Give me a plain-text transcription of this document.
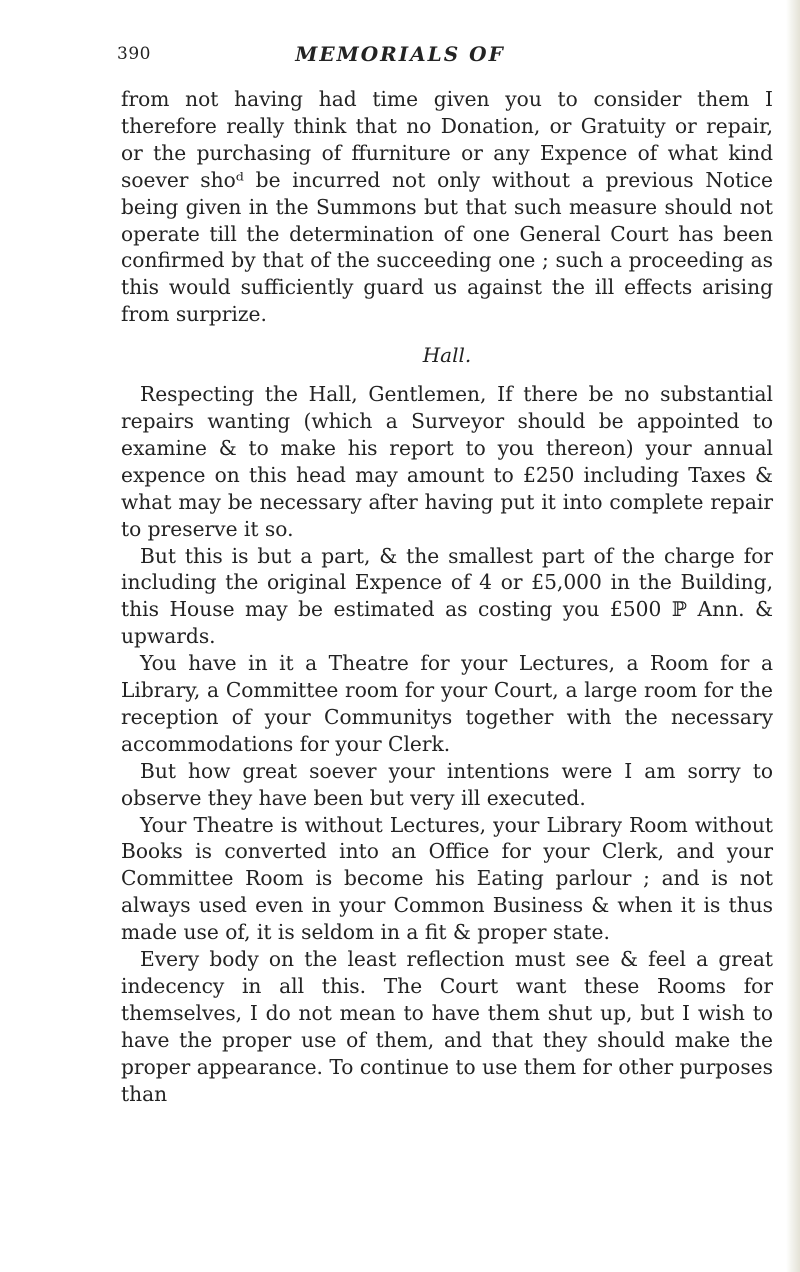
390	MEMORIALS OF

from not having had time given you to consider them I therefore really think that no Donation, or Gratuity or repair, or the purchasing of ffurniture or any Expence of what kind soever shoᵈ be incurred not only without a previous Notice being given in the Summons but that such measure should not operate till the determination of one General Court has been confirmed by that of the succeeding one ; such a proceeding as this would sufficiently guard us against the ill effects arising from surprize.

Hall.

Respecting the Hall, Gentlemen, If there be no substantial repairs wanting (which a Surveyor should be appointed to examine & to make his report to you thereon) your annual expence on this head may amount to £250 including Taxes & what may be necessary after having put it into complete repair to preserve it so.

But this is but a part, & the smallest part of the charge for including the original Expence of 4 or £5,000 in the Building, this House may be estimated as costing you £500 ℙ Ann. & upwards.

You have in it a Theatre for your Lectures, a Room for a Library, a Committee room for your Court, a large room for the reception of your Communitys together with the necessary accommodations for your Clerk.

But how great soever your intentions were I am sorry to observe they have been but very ill executed.

Your Theatre is without Lectures, your Library Room without Books is converted into an Office for your Clerk, and your Committee Room is become his Eating parlour ; and is not always used even in your Common Business & when it is thus made use of, it is seldom in a fit & proper state.

Every body on the least reflection must see & feel a great indecency in all this. The Court want these Rooms for themselves, I do not mean to have them shut up, but I wish to have the proper use of them, and that they should make the proper appearance. To continue to use them for other purposes than
